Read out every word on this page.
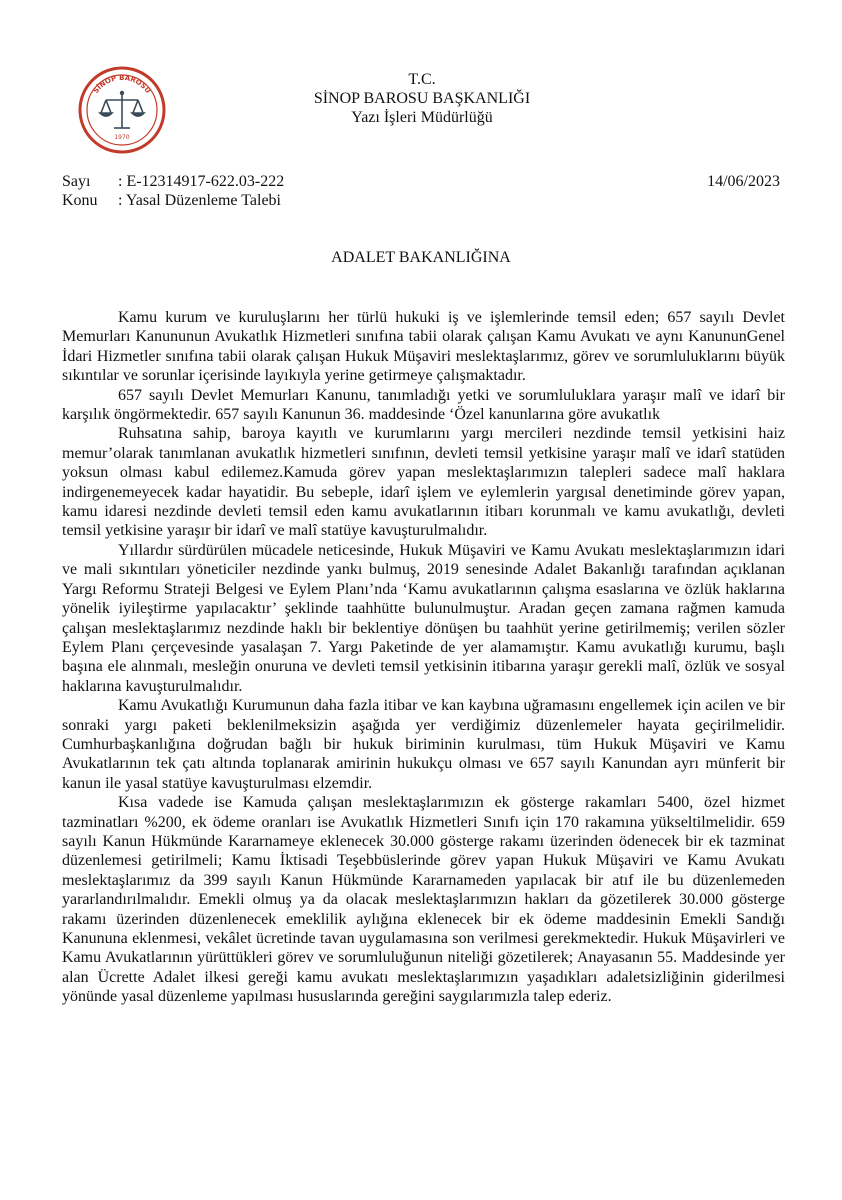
SİNOP BAROSU
1970
T.C.
SİNOP BAROSU BAŞKANLIĞI
Yazı İşleri Müdürlüğü
Sayı	: E-12314917-622.03-222
Konu	: Yasal Düzenleme Talebi
14/06/2023
ADALET BAKANLIĞINA

Kamu kurum ve kuruluşlarını her türlü hukuki iş ve işlemlerinde temsil eden; 657 sayılı Devlet Memurları Kanununun Avukatlık Hizmetleri sınıfına tabii olarak çalışan Kamu Avukatı ve aynı KanununGenel İdari Hizmetler sınıfına tabii olarak çalışan Hukuk Müşaviri meslektaşlarımız, görev ve sorumluluklarını büyük sıkıntılar ve sorunlar içerisinde layıkıyla yerine getirmeye çalışmaktadır.

657 sayılı Devlet Memurları Kanunu, tanımladığı yetki ve sorumluluklara yaraşır malî ve idarî bir karşılık öngörmektedir. 657 sayılı Kanunun 36. maddesinde ‘Özel kanunlarına göre avukatlık

Ruhsatına sahip, baroya kayıtlı ve kurumlarını yargı mercileri nezdinde temsil yetkisini haiz memur’olarak tanımlanan avukatlık hizmetleri sınıfının, devleti temsil yetkisine yaraşır malî ve idarî statüden yoksun olması kabul edilemez.Kamuda görev yapan meslektaşlarımızın talepleri sadece malî haklara indirgenemeyecek kadar hayatidir. Bu sebeple, idarî işlem ve eylemlerin yargısal denetiminde görev yapan, kamu idaresi nezdinde devleti temsil eden kamu avukatlarının itibarı korunmalı ve kamu avukatlığı, devleti temsil yetkisine yaraşır bir idarî ve malî statüye kavuşturulmalıdır.

Yıllardır sürdürülen mücadele neticesinde, Hukuk Müşaviri ve Kamu Avukatı meslektaşlarımızın idari ve mali sıkıntıları yöneticiler nezdinde yankı bulmuş, 2019 senesinde Adalet Bakanlığı tarafından açıklanan Yargı Reformu Strateji Belgesi ve Eylem Planı’nda ‘Kamu avukatlarının çalışma esaslarına ve özlük haklarına yönelik iyileştirme yapılacaktır’ şeklinde taahhütte bulunulmuştur. Aradan geçen zamana rağmen kamuda çalışan meslektaşlarımız nezdinde haklı bir beklentiye dönüşen bu taahhüt yerine getirilmemiş; verilen sözler Eylem Planı çerçevesinde yasalaşan 7. Yargı Paketinde de yer alamamıştır. Kamu avukatlığı kurumu, başlı başına ele alınmalı, mesleğin onuruna ve devleti temsil yetkisinin itibarına yaraşır gerekli malî, özlük ve sosyal haklarına kavuşturulmalıdır.

Kamu Avukatlığı Kurumunun daha fazla itibar ve kan kaybına uğramasını engellemek için acilen ve bir sonraki yargı paketi beklenilmeksizin aşağıda yer verdiğimiz düzenlemeler hayata geçirilmelidir. Cumhurbaşkanlığına doğrudan bağlı bir hukuk biriminin kurulması, tüm Hukuk Müşaviri ve Kamu Avukatlarının tek çatı altında toplanarak amirinin hukukçu olması ve 657 sayılı Kanundan ayrı münferit bir kanun ile yasal statüye kavuşturulması elzemdir.

Kısa vadede ise Kamuda çalışan meslektaşlarımızın ek gösterge rakamları 5400, özel hizmet tazminatları %200, ek ödeme oranları ise Avukatlık Hizmetleri Sınıfı için 170 rakamına yükseltilmelidir. 659 sayılı Kanun Hükmünde Kararnameye eklenecek 30.000 gösterge rakamı üzerinden ödenecek bir ek tazminat düzenlemesi getirilmeli; Kamu İktisadi Teşebbüslerinde görev yapan Hukuk Müşaviri ve Kamu Avukatı meslektaşlarımız da 399 sayılı Kanun Hükmünde Kararnameden yapılacak bir atıf ile bu düzenlemeden yararlandırılmalıdır. Emekli olmuş ya da olacak meslektaşlarımızın hakları da gözetilerek 30.000 gösterge rakamı üzerinden düzenlenecek emeklilik aylığına eklenecek bir ek ödeme maddesinin Emekli Sandığı Kanununa eklenmesi, vekâlet ücretinde tavan uygulamasına son verilmesi gerekmektedir. Hukuk Müşavirleri ve Kamu Avukatlarının yürüttükleri görev ve sorumluluğunun niteliği gözetilerek; Anayasanın 55. Maddesinde yer alan Ücrette Adalet ilkesi gereği kamu avukatı meslektaşlarımızın yaşadıkları adaletsizliğinin giderilmesi yönünde yasal düzenleme yapılması hususlarında gereğini saygılarımızla talep ederiz.
